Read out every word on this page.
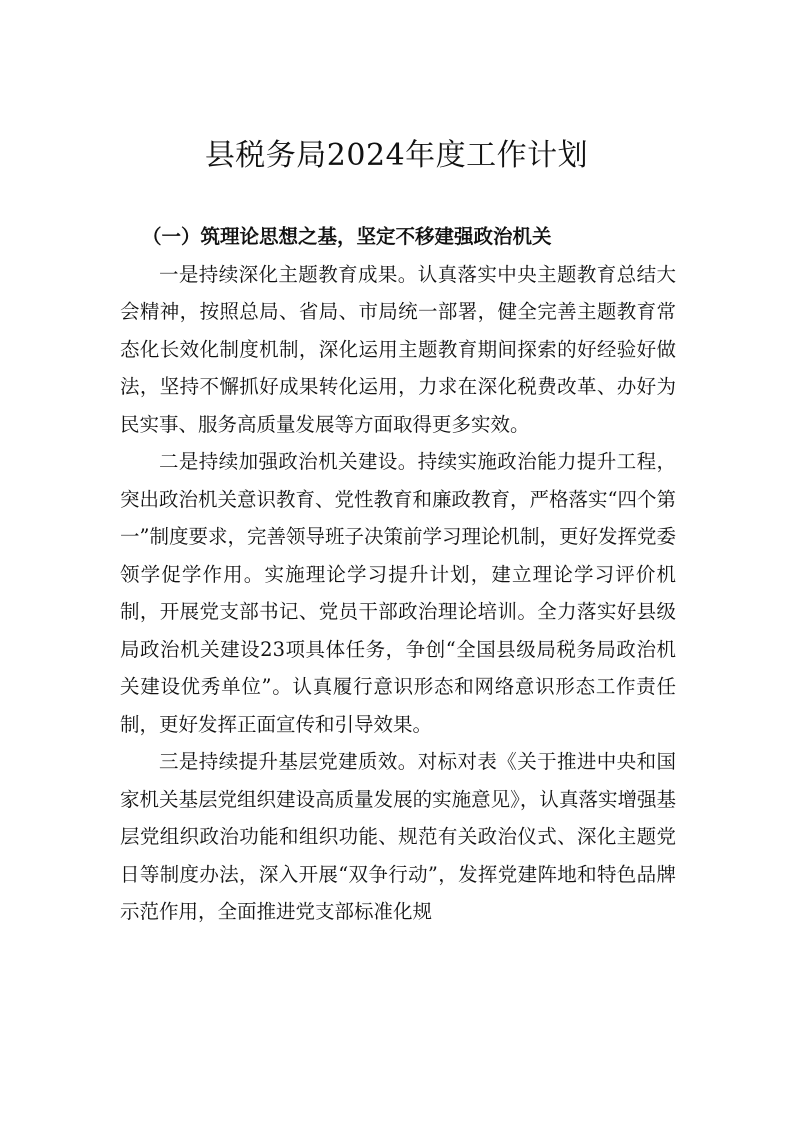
县税务局2024年度工作计划

（一）筑理论思想之基，坚定不移建强政治机关

一是持续深化主题教育成果。认真落实中央主题教育总结大会精神，按照总局、省局、市局统一部署，健全完善主题教育常态化长效化制度机制，深化运用主题教育期间探索的好经验好做法，坚持不懈抓好成果转化运用，力求在深化税费改革、办好为民实事、服务高质量发展等方面取得更多实效。

二是持续加强政治机关建设。持续实施政治能力提升工程，突出政治机关意识教育、党性教育和廉政教育，严格落实“四个第一”制度要求，完善领导班子决策前学习理论机制，更好发挥党委领学促学作用。实施理论学习提升计划，建立理论学习评价机制，开展党支部书记、党员干部政治理论培训。全力落实好县级局政治机关建设23项具体任务，争创“全国县级局税务局政治机关建设优秀单位”。认真履行意识形态和网络意识形态工作责任制，更好发挥正面宣传和引导效果。

三是持续提升基层党建质效。对标对表《关于推进中央和国家机关基层党组织建设高质量发展的实施意见》，认真落实增强基层党组织政治功能和组织功能、规范有关政治仪式、深化主题党日等制度办法，深入开展“双争行动”，发挥党建阵地和特色品牌示范作用，全面推进党支部标准化规
